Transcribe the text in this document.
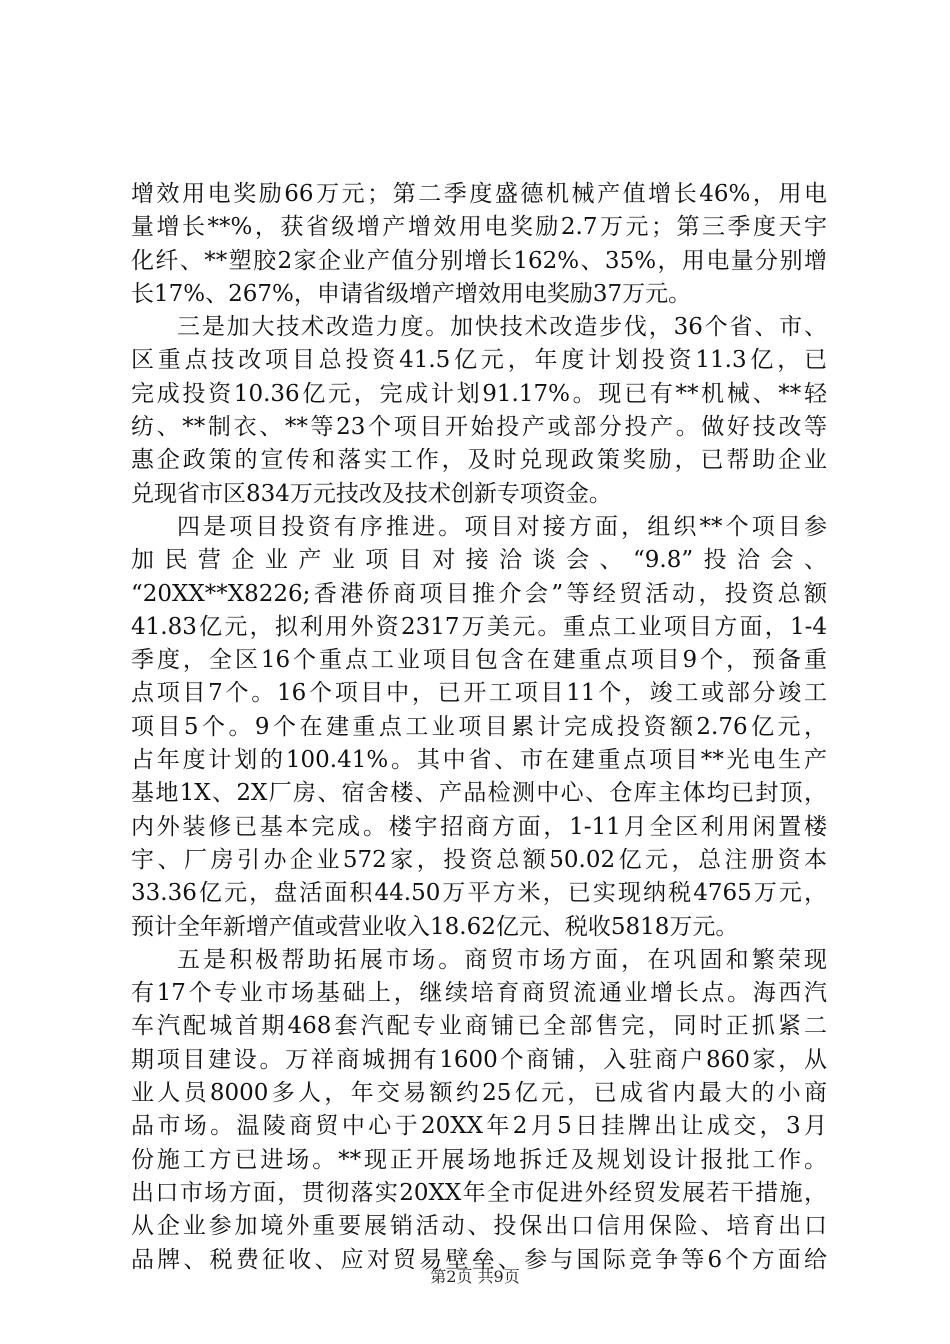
增效用电奖励66万元；第二季度盛德机械产值增长46%，用电
量增长**%，获省级增产增效用电奖励2.7万元；第三季度天宇
化纤、**塑胶2家企业产值分别增长162%、35%，用电量分别增
长17%、267%，申请省级增产增效用电奖励37万元。
三是加大技术改造力度。加快技术改造步伐，36个省、市、
区重点技改项目总投资41.5亿元，年度计划投资11.3亿，已
完成投资10.36亿元，完成计划91.17%。现已有**机械、**轻
纺、**制衣、**等23个项目开始投产或部分投产。做好技改等
惠企政策的宣传和落实工作，及时兑现政策奖励，已帮助企业
兑现省市区834万元技改及技术创新专项资金。
四是项目投资有序推进。项目对接方面，组织**个项目参
加民营企业产业项目对接洽谈会、“9.8”投洽会、
“20XX**X8226;香港侨商项目推介会”等经贸活动，投资总额
41.83亿元，拟利用外资2317万美元。重点工业项目方面，1-4
季度，全区16个重点工业项目包含在建重点项目9个，预备重
点项目7个。16个项目中，已开工项目11个，竣工或部分竣工
项目5个。9个在建重点工业项目累计完成投资额2.76亿元，
占年度计划的100.41%。其中省、市在建重点项目**光电生产
基地1X、2X厂房、宿舍楼、产品检测中心、仓库主体均已封顶，
内外装修已基本完成。楼宇招商方面，1-11月全区利用闲置楼
宇、厂房引办企业572家，投资总额50.02亿元，总注册资本
33.36亿元，盘活面积44.50万平方米，已实现纳税4765万元，
预计全年新增产值或营业收入18.62亿元、税收5818万元。
五是积极帮助拓展市场。商贸市场方面，在巩固和繁荣现
有17个专业市场基础上，继续培育商贸流通业增长点。海西汽
车汽配城首期468套汽配专业商铺已全部售完，同时正抓紧二
期项目建设。万祥商城拥有1600个商铺，入驻商户860家，从
业人员8000多人，年交易额约25亿元，已成省内最大的小商
品市场。温陵商贸中心于20XX年2月5日挂牌出让成交，3月
份施工方已进场。**现正开展场地拆迁及规划设计报批工作。
出口市场方面，贯彻落实20XX年全市促进外经贸发展若干措施，
从企业参加境外重要展销活动、投保出口信用保险、培育出口
品牌、税费征收、应对贸易壁垒、参与国际竞争等6个方面给
第2页 共9页
